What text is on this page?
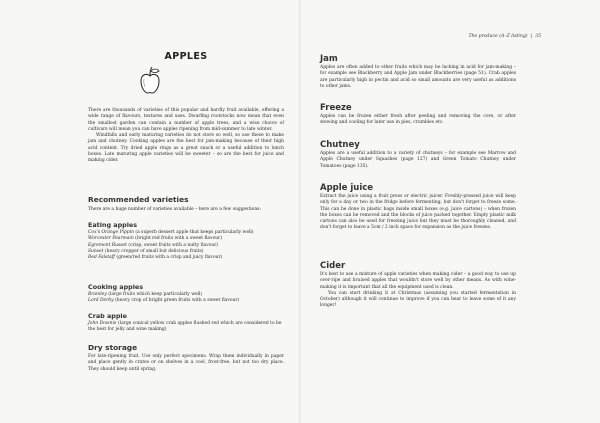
The produce (A–Z listing) | 35
APPLES

There are thousands of varieties of this popular and hardly fruit available, offering a wide range of flavours, textures and uses. Dwarfing rootstocks now mean that even the smallest garden can contain a number of apple trees, and a wise choice of cultivars will mean you can have apples ripening from mid-summer to late winter.

Windfalls and early maturing varieties do not store so well, so use these to make jam and chutney. Cooking apples are the best for jam-making because of their high acid content. Try dried apple rings as a great snack or a useful addition to lunch boxes. Late maturing apple varieties will be sweeter – so are the best for juice and making cider.

Recommended varieties

There are a huge number of varieties available – here are a few suggestions:

Eating apples

Cox's Orange Pippin (a superb dessert apple that keeps particularly well)

Worcester Pearmain (bright red fruits with a sweet flavour)

Egremont Russet (crisp, sweet fruits with a nutty flavour)

Sunset (heavy cropper of small but delicious fruits)

Red Falstaff (green/red fruits with a crisp and juicy flavour)

Cooking apples

Bramley (large fruits which keep particularly well)

Lord Derby (heavy crop of bright green fruits with a sweet flavour)

Crab apple

John Downie (large conical yellow crab apples flushed red which are considered to be the best for jelly and wine making)

Dry storage

For late-ripening fruit. Use only perfect specimens. Wrap them individually in paper and place gently in crates or on shelves in a cool, frost-free, but not too dry place. They should keep until spring.

Jam

Apples are often added to other fruits which may be lacking in acid for jam-making – for example see Blackberry and Apple Jam under Blackberries (page 51). Crab apples are particularly high in pectin and acid so small amounts are very useful as additions to other jams.

Freeze

Apples can be frozen either fresh after peeling and removing the core, or after stewing and cooling for later use in pies, crumbles etc.

Chutney

Apples are a useful addition to a variety of chutneys – for example see Marrow and Apple Chutney under Squashes (page 127) and Green Tomato Chutney under Tomatoes (page 135).

Apple juice

Extract the juice using a fruit press or electric juicer. Freshly-pressed juice will keep only for a day or two in the fridge before fermenting, but don't forget to freeze some. This can be done in plastic bags inside small boxes (e.g. juice cartons) – when frozen the boxes can be removed and the blocks of juice packed together. Empty plastic milk cartons can also be used for freezing juice but they must be thoroughly cleaned, and don't forget to leave a 5cm / 2 inch space for expansion as the juice freezes.

Cider

It's best to use a mixture of apple varieties when making cider – a good way to use up over-ripe and bruised apples that wouldn't store well by other means. As with wine-making it is important that all the equipment used is clean.

You can start drinking it at Christmas (assuming you started fermentation in October) although it will continue to improve if you can bear to leave some of it any longer!
